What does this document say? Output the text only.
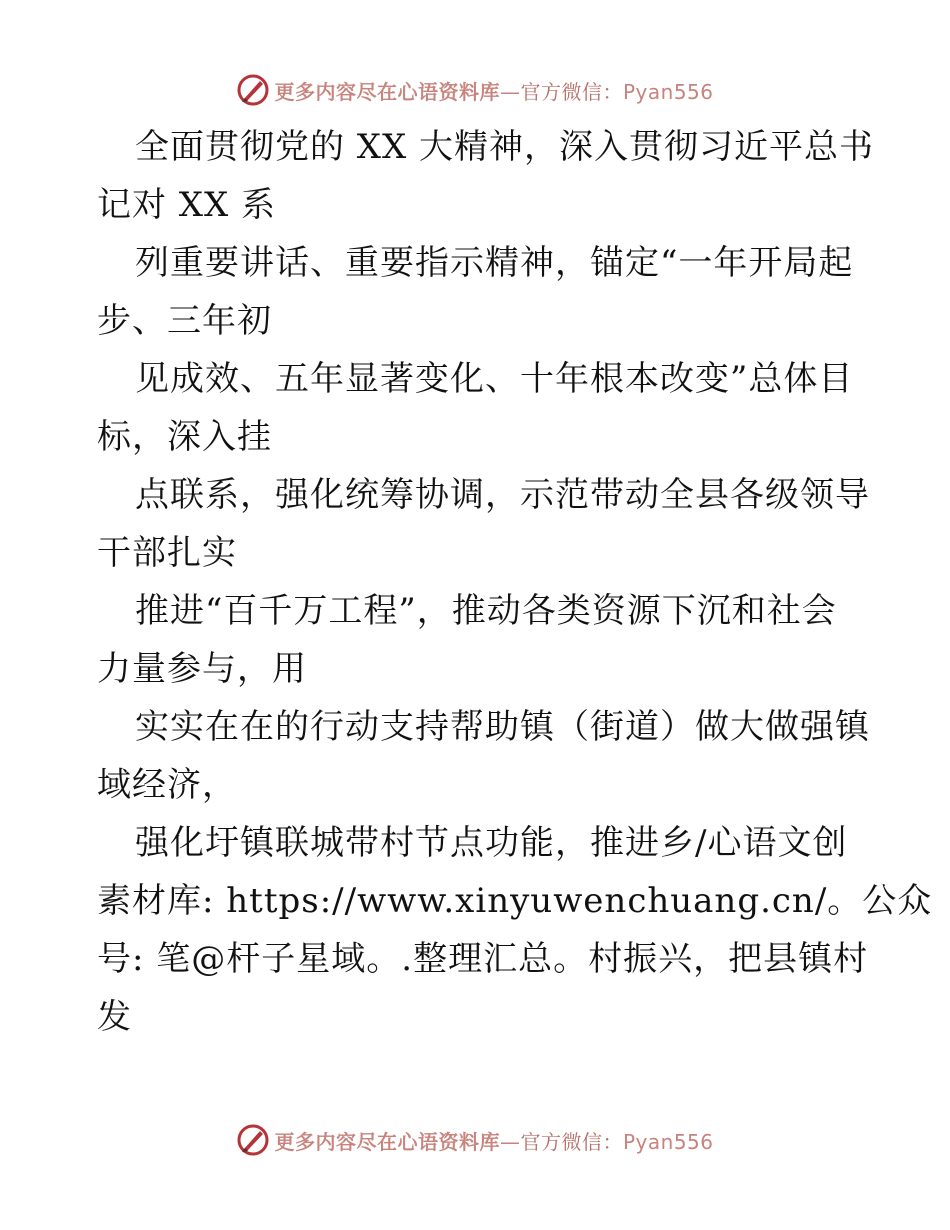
更多内容尽在心语资料库—官方微信：Pyan556
全面贯彻党的 XX 大精神，深入贯彻习近平总书
记对 XX 系
列重要讲话、重要指示精神，锚定“一年开局起
步、三年初
见成效、五年显著变化、十年根本改变”总体目
标，深入挂
点联系，强化统筹协调，示范带动全县各级领导
干部扎实
推进“百千万工程”，推动各类资源下沉和社会
力量参与，用
实实在在的行动支持帮助镇（街道）做大做强镇
域经济，
强化圩镇联城带村节点功能，推进乡/心语文创
素材库: https://www.xinyuwenchuang.cn/。公众
号: 笔@杆子星域。.整理汇总。村振兴，把县镇村
发
更多内容尽在心语资料库—官方微信：Pyan556
